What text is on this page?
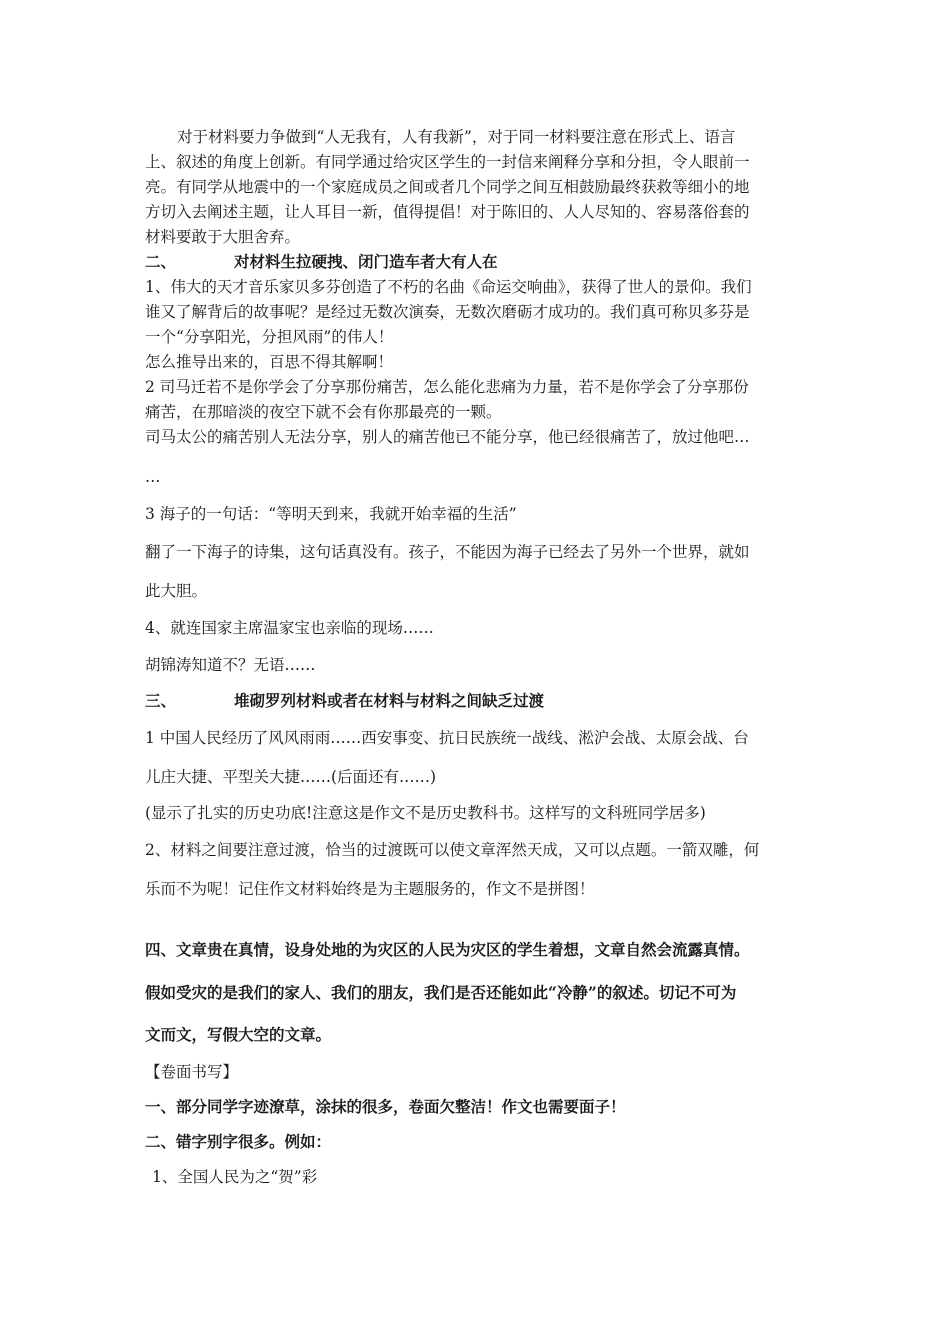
对于材料要力争做到“人无我有，人有我新”，对于同一材料要注意在形式上、语言
上、叙述的角度上创新。有同学通过给灾区学生的一封信来阐释分享和分担，令人眼前一
亮。有同学从地震中的一个家庭成员之间或者几个同学之间互相鼓励最终获救等细小的地
方切入去阐述主题，让人耳目一新，值得提倡！对于陈旧的、人人尽知的、容易落俗套的
材料要敢于大胆舍弃。
二、	对材料生拉硬拽、闭门造车者大有人在
1、伟大的天才音乐家贝多芬创造了不朽的名曲《命运交响曲》，获得了世人的景仰。我们
谁又了解背后的故事呢？是经过无数次演奏，无数次磨砺才成功的。我们真可称贝多芬是
一个“分享阳光，分担风雨”的伟人！
怎么推导出来的，百思不得其解啊！
2 司马迁若不是你学会了分享那份痛苦，怎么能化悲痛为力量，若不是你学会了分享那份
痛苦，在那暗淡的夜空下就不会有你那最亮的一颗。
司马太公的痛苦别人无法分享，别人的痛苦他已不能分享，他已经很痛苦了，放过他吧…
…
3 海子的一句话：“等明天到来，我就开始幸福的生活”
翻了一下海子的诗集，这句话真没有。孩子，不能因为海子已经去了另外一个世界，就如
此大胆。
4、就连国家主席温家宝也亲临的现场……
胡锦涛知道不？无语……
三、	堆砌罗列材料或者在材料与材料之间缺乏过渡
1 中国人民经历了风风雨雨……西安事变、抗日民族统一战线、淞沪会战、太原会战、台
儿庄大捷、平型关大捷……(后面还有……)
(显示了扎实的历史功底!注意这是作文不是历史教科书。这样写的文科班同学居多)
2、材料之间要注意过渡，恰当的过渡既可以使文章浑然天成，又可以点题。一箭双雕，何
乐而不为呢！记住作文材料始终是为主题服务的，作文不是拼图！
四、文章贵在真情，设身处地的为灾区的人民为灾区的学生着想，文章自然会流露真情。
假如受灾的是我们的家人、我们的朋友，我们是否还能如此“冷静”的叙述。切记不可为
文而文，写假大空的文章。
【卷面书写】
一、部分同学字迹潦草，涂抹的很多，卷面欠整洁！作文也需要面子！
二、错字别字很多。例如：
1、全国人民为之“贺”彩
